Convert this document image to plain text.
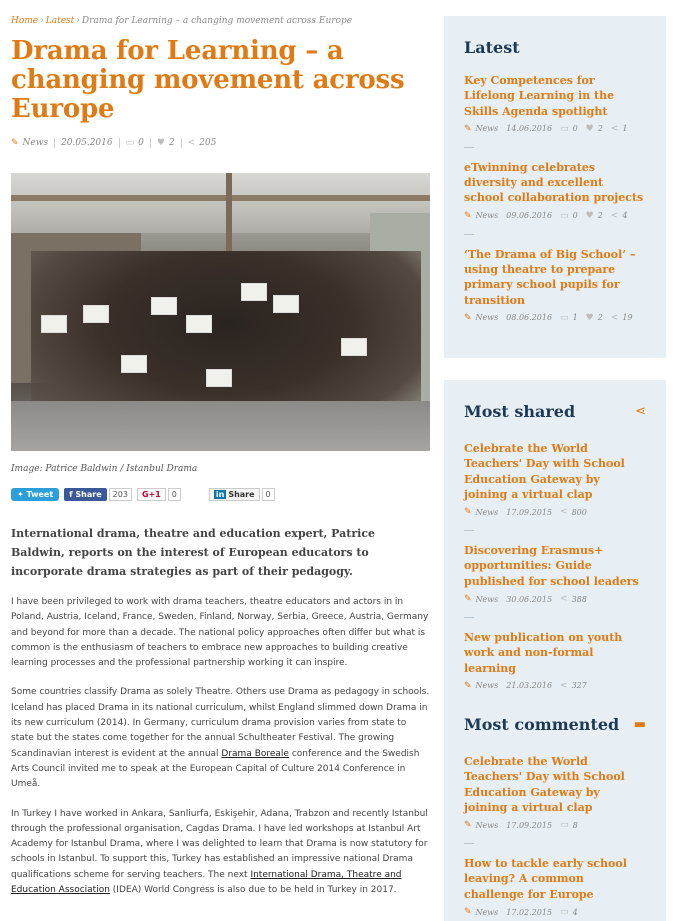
Home › Latest › Drama for Learning – a changing movement across Europe
Drama for Learning – a changing movement across Europe
✎ News 20.05.2016 ▭ 0 ♥ 2 < 205
Image: Patrice Baldwin / Istanbul Drama
✦ Tweet	f Share	203	G+1	0	in Share	0

International drama, theatre and education expert, Patrice Baldwin, reports on the interest of European educators to incorporate drama strategies as part of their pedagogy.

I have been privileged to work with drama teachers, theatre educators and actors in in Poland, Austria, Iceland, France, Sweden, Finland, Norway, Serbia, Greece, Austria, Germany and beyond for more than a decade. The national policy approaches often differ but what is common is the enthusiasm of teachers to embrace new approaches to building creative learning processes and the professional partnership working it can inspire.

Some countries classify Drama as solely Theatre. Others use Drama as pedagogy in schools. Iceland has placed Drama in its national curriculum, whilst England slimmed down Drama in its new curriculum (2014). In Germany, curriculum drama provision varies from state to state but the states come together for the annual Schultheater Festival. The growing Scandinavian interest is evident at the annual Drama Boreale conference and the Swedish Arts Council invited me to speak at the European Capital of Culture 2014 Conference in Umeå.

In Turkey I have worked in Ankara, Sanliurfa, Eskişehir, Adana, Trabzon and recently Istanbul through the professional organisation, Cagdas Drama. I have led workshops at Istanbul Art Academy for Istanbul Drama, where I was delighted to learn that Drama is now statutory for schools in Istanbul. To support this, Turkey has established an impressive national Drama qualifications scheme for serving teachers. The next International Drama, Theatre and Education Association (IDEA) World Congress is also due to be held in Turkey in 2017.

Latest
Key Competences for Lifelong Learning in the Skills Agenda spotlight
✎ News 14.06.2016 ▭ 0 ♥ 2 < 1
eTwinning celebrates diversity and excellent school collaboration projects
✎ News 09.06.2016 ▭ 0 ♥ 2 < 4
‘The Drama of Big School’ – using theatre to prepare primary school pupils for transition
✎ News 08.06.2016 ▭ 1 ♥ 2 < 19
Most shared	⋖
Celebrate the World Teachers' Day with School Education Gateway by joining a virtual clap
✎ News 17.09.2015 < 800
Discovering Erasmus+ opportunities: Guide published for school leaders
✎ News 30.06.2015 < 388
New publication on youth work and non-formal learning
✎ News 21.03.2016 < 327
Most commented ▬
Celebrate the World Teachers' Day with School Education Gateway by joining a virtual clap
✎ News 17.09.2015 ▭ 8
How to tackle early school leaving? A common challenge for Europe
✎ News 17.02.2015 ▭ 4
